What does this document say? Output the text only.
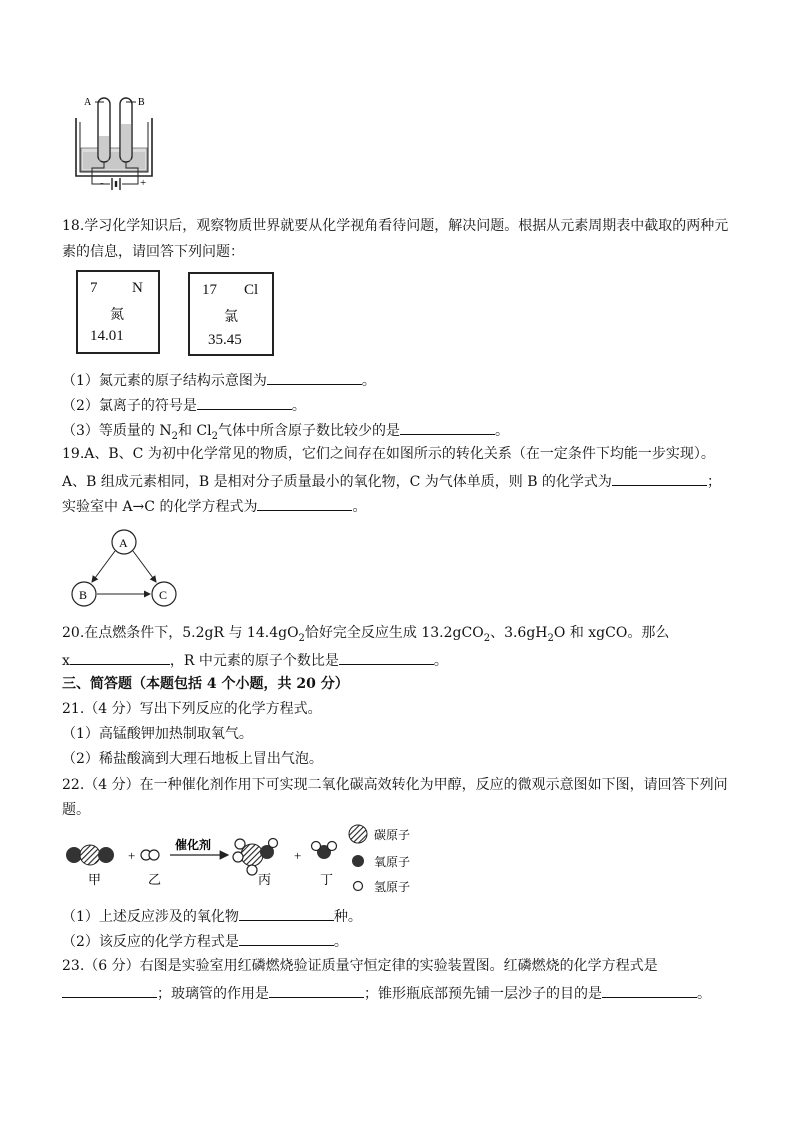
A	B
-	+
18.学习化学知识后，观察物质世界就要从化学视角看待问题，解决问题。根据从元素周期表中截取的两种元
素的信息，请回答下列问题：
7 N
氮
14.01
17 Cl
氯
35.45
（1）氮元素的原子结构示意图为	。
（2）氯离子的符号是	。
（3）等质量的 $N_2$和 $Cl_2$气体中所含原子数比较少的是	。
19.A、B、C 为初中化学常见的物质，它们之间存在如图所示的转化关系（在一定条件下均能一步实现）。
A、B 组成元素相同，B 是相对分子质量最小的氧化物，C 为气体单质，则 B 的化学式为	；
实验室中 A→C 的化学方程式为	。
A
B	C
20.在点燃条件下，5.2gR 与 $14.4gO_2$恰好完全反应生成 13.2gCO$_2$、$3.6gH_2O$ 和 xgCO。那么
x	，R 中元素的原子个数比是	。
三、简答题（本题包括 4 个小题，共 20 分）
21.（4 分）写出下列反应的化学方程式。
（1）高锰酸钾加热制取氧气。
（2）稀盐酸滴到大理石地板上冒出气泡。
22.（4 分）在一种催化剂作用下可实现二氧化碳高效转化为甲醇，反应的微观示意图如下图，请回答下列问
题。
+
催化剂
+
甲	乙	丙	丁
碳原子
氧原子
氢原子
（1）上述反应涉及的氧化物	种。
（2）该反应的化学方程式是	。
23.（6 分）右图是实验室用红磷燃烧验证质量守恒定律的实验装置图。红磷燃烧的化学方程式是
；玻璃管的作用是	；锥形瓶底部预先铺一层沙子的目的是	。
